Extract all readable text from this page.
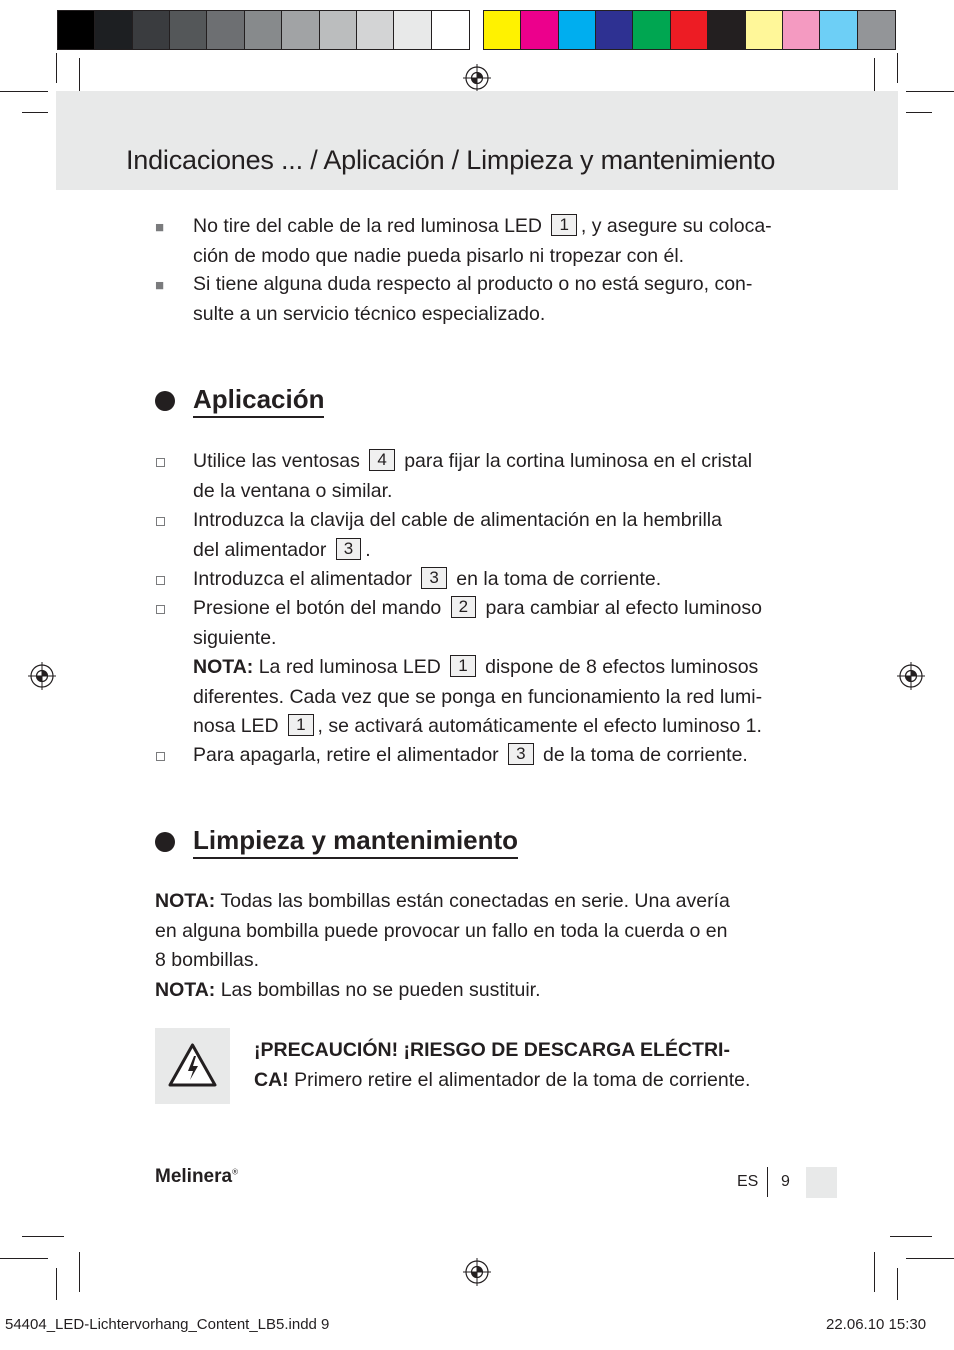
Indicaciones ... / Aplicación / Limpieza y mantenimiento
■ No tire del cable de la red luminosa LED 1 , y asegure su coloca-
ción de modo que nadie pueda pisarlo ni tropezar con él.
■ Si tiene alguna duda respecto al producto o no está seguro, con-
sulte a un servicio técnico especializado.
Aplicación
Utilice las ventosas 4 para fijar la cortina luminosa en el cristal
de la ventana o similar.
Introduzca la clavija del cable de alimentación en la hembrilla
del alimentador 3 .
Introduzca el alimentador 3 en la toma de corriente.
Presione el botón del mando 2 para cambiar al efecto luminoso
siguiente.
NOTA: La red luminosa LED 1 dispone de 8 efectos luminosos
diferentes. Cada vez que se ponga en funcionamiento la red lumi-
nosa LED 1 , se activará automáticamente el efecto luminoso 1.
Para apagarla, retire el alimentador 3 de la toma de corriente.
Limpieza y mantenimiento
NOTA: Todas las bombillas están conectadas en serie. Una avería
en alguna bombilla puede provocar un fallo en toda la cuerda o en
8 bombillas.
NOTA: Las bombillas no se pueden sustituir.
¡PRECAUCIÓN! ¡RIESGO DE DESCARGA ELÉCTRI-
CA! Primero retire el alimentador de la toma de corriente.
Melinera®
ES 9
54404_LED-Lichtervorhang_Content_LB5.indd 9	22.06.10 15:30
